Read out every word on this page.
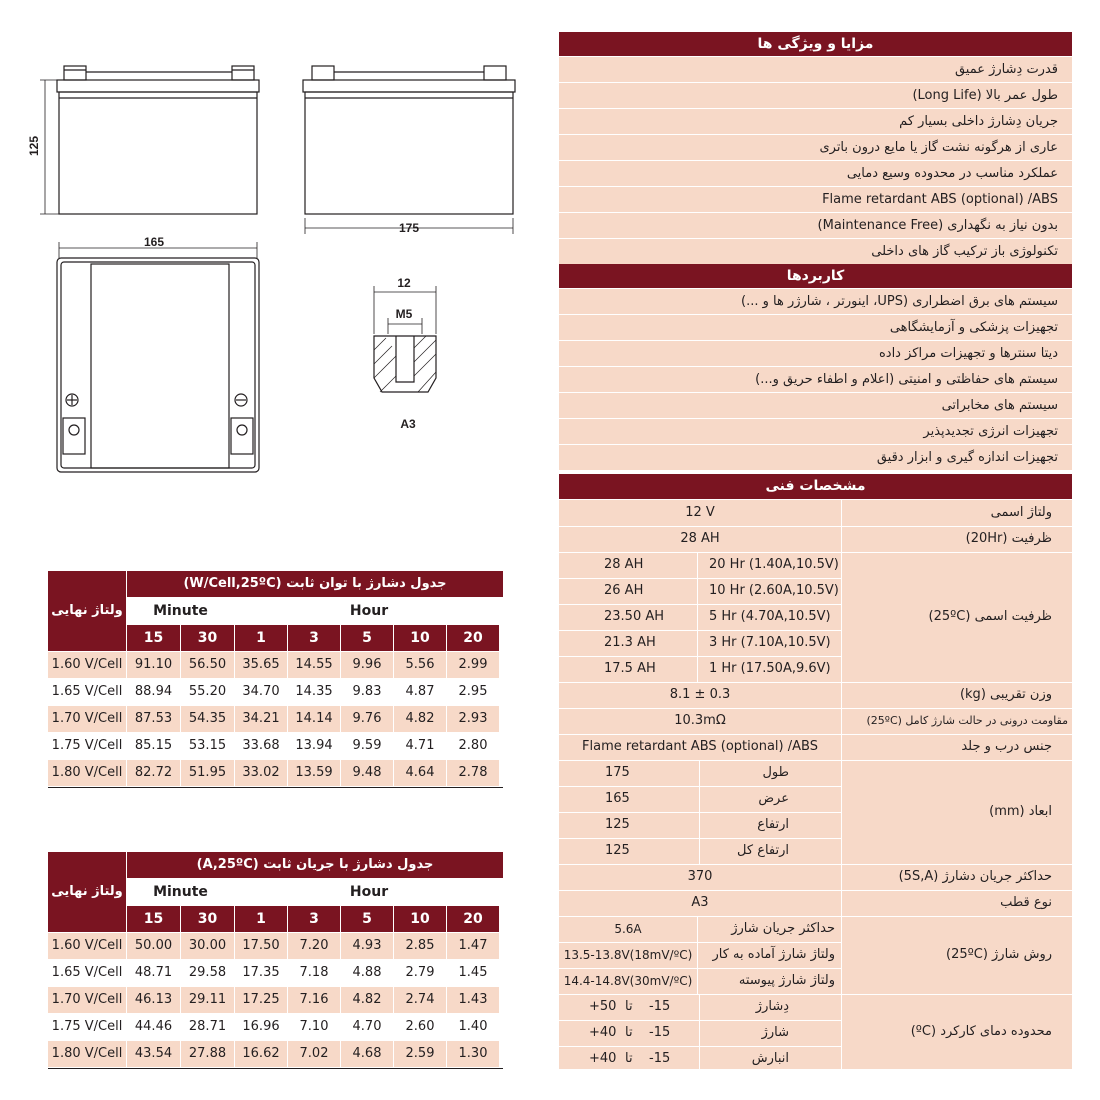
125
175
165
12
M5
A3
مزایا و ویژگی ها
قدرت دِشارژ عمیق
طول عمر بالا (Long Life)
جریان دِشارژ داخلی بسیار کم
عاری از هرگونه نشت گاز یا مایع درون باتری
عملکرد مناسب در محدوده وسیع دمایی
Flame retardant ABS (optional) /ABS
بدون نیاز به نگهداری (Maintenance Free)
تکنولوژی باز ترکیب گاز های داخلی
کاربردها
سیستم های برق اضطراری (UPS، اینورتر ، شارژر ها و ...)
تجهیزات پزشکی و آزمایشگاهی
دیتا سنترها و تجهیزات مراکز داده
سیستم های حفاظتی و امنیتی (اعلام و اطفاء حریق و...)
سیستم های مخابراتی
تجهیزات انرژی تجدیدپذیر
تجهیزات اندازه گیری و ابزار دقیق
مشخصات فنی
12 V	ولتاژ اسمی
28 AH	ظرفیت (20Hr)
28 AH	20 Hr (1.40A,10.5V)
26 AH	10 Hr (2.60A,10.5V)
23.50 AH	5 Hr (4.70A,10.5V)
21.3 AH	3 Hr (7.10A,10.5V)
17.5 AH	1 Hr (17.50A,9.6V)
ظرفیت اسمی (25ºC)
8.1 ± 0.3	وزن تقریبی (kg)
10.3mΩ	مقاومت درونی در حالت شارژ کامل (25ºC)
Flame retardant ABS (optional) /ABS	جنس درب و جلد
175	طول
165	عرض
125	ارتفاع
125	ارتفاع کل
ابعاد (mm)
370	حداکثر جریان دشارژ (5S,A)
A3	نوع قطب
5.6A	حداکثر جریان شارژ
13.5-13.8V(18mV/ºC)	ولتاژ شارژ آماده به کار
14.4-14.8V(30mV/ºC)	ولتاژ شارژ پیوسته
روش شارژ (25ºC)
+50 تا -15	دِشارژ
+40 تا -15	شارژ
+40 تا -15	انبارش
محدوده دمای کارکرد (ºC)
ولتاژ نهایی
جدول دشارژ با توان ثابت (W/Cell,25ºC)
Minute	Hour
15	30	1	3	5	10	20
1.60 V/Cell 91.10	56.50	35.65	14.55	9.96	5.56	2.99
1.65 V/Cell 88.94	55.20	34.70	14.35	9.83	4.87	2.95
1.70 V/Cell 87.53	54.35	34.21	14.14	9.76	4.82	2.93
1.75 V/Cell 85.15	53.15	33.68	13.94	9.59	4.71	2.80
1.80 V/Cell 82.72	51.95	33.02	13.59	9.48	4.64	2.78
ولتاژ نهایی
جدول دشارژ با جریان ثابت (A,25ºC)
Minute	Hour
15	30	1	3	5	10	20
1.60 V/Cell 50.00	30.00	17.50	7.20	4.93	2.85	1.47
1.65 V/Cell 48.71	29.58	17.35	7.18	4.88	2.79	1.45
1.70 V/Cell 46.13	29.11	17.25	7.16	4.82	2.74	1.43
1.75 V/Cell 44.46	28.71	16.96	7.10	4.70	2.60	1.40
1.80 V/Cell 43.54	27.88	16.62	7.02	4.68	2.59	1.30
